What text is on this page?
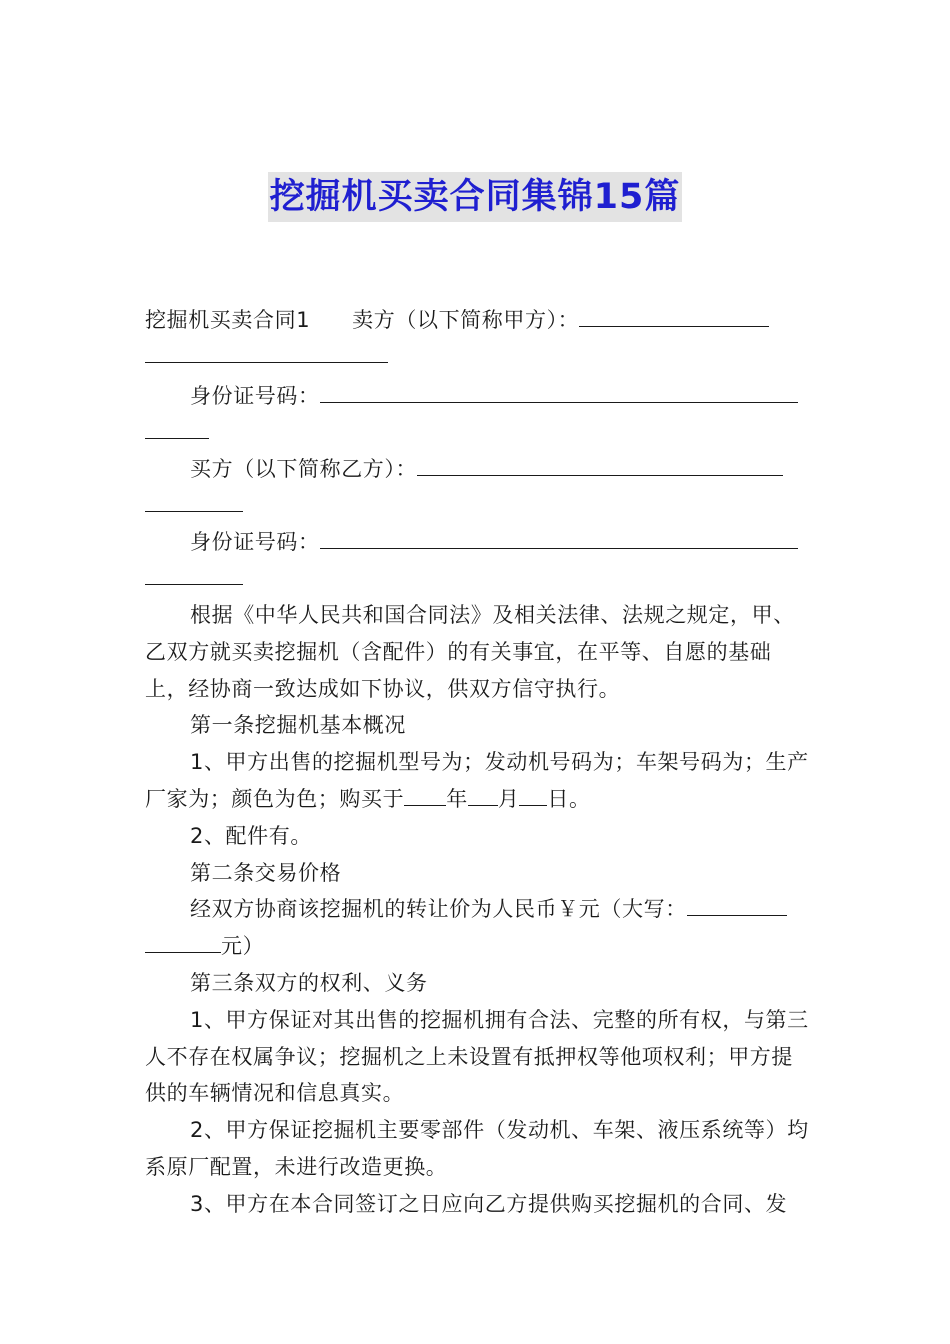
挖掘机买卖合同集锦15篇
挖掘机买卖合同1 卖方（以下简称甲方）：
身份证号码：
买方（以下简称乙方）：
身份证号码：

根据《中华人民共和国合同法》及相关法律、法规之规定，甲、乙双方就买卖挖掘机（含配件）的有关事宜，在平等、自愿的基础上，经协商一致达成如下协议，供双方信守执行。

第一条挖掘机基本概况

1、甲方出售的挖掘机型号为；发动机号码为；车架号码为；生产厂家为；颜色为色；购买于 年 月 日。

2、配件有。

第二条交易价格

经双方协商该挖掘机的转让价为人民币￥元（大写：元）

第三条双方的权利、义务

1、甲方保证对其出售的挖掘机拥有合法、完整的所有权，与第三人不存在权属争议；挖掘机之上未设置有抵押权等他项权利；甲方提供的车辆情况和信息真实。

2、甲方保证挖掘机主要零部件（发动机、车架、液压系统等）均系原厂配置，未进行改造更换。

3、甲方在本合同签订之日应向乙方提供购买挖掘机的合同、发
